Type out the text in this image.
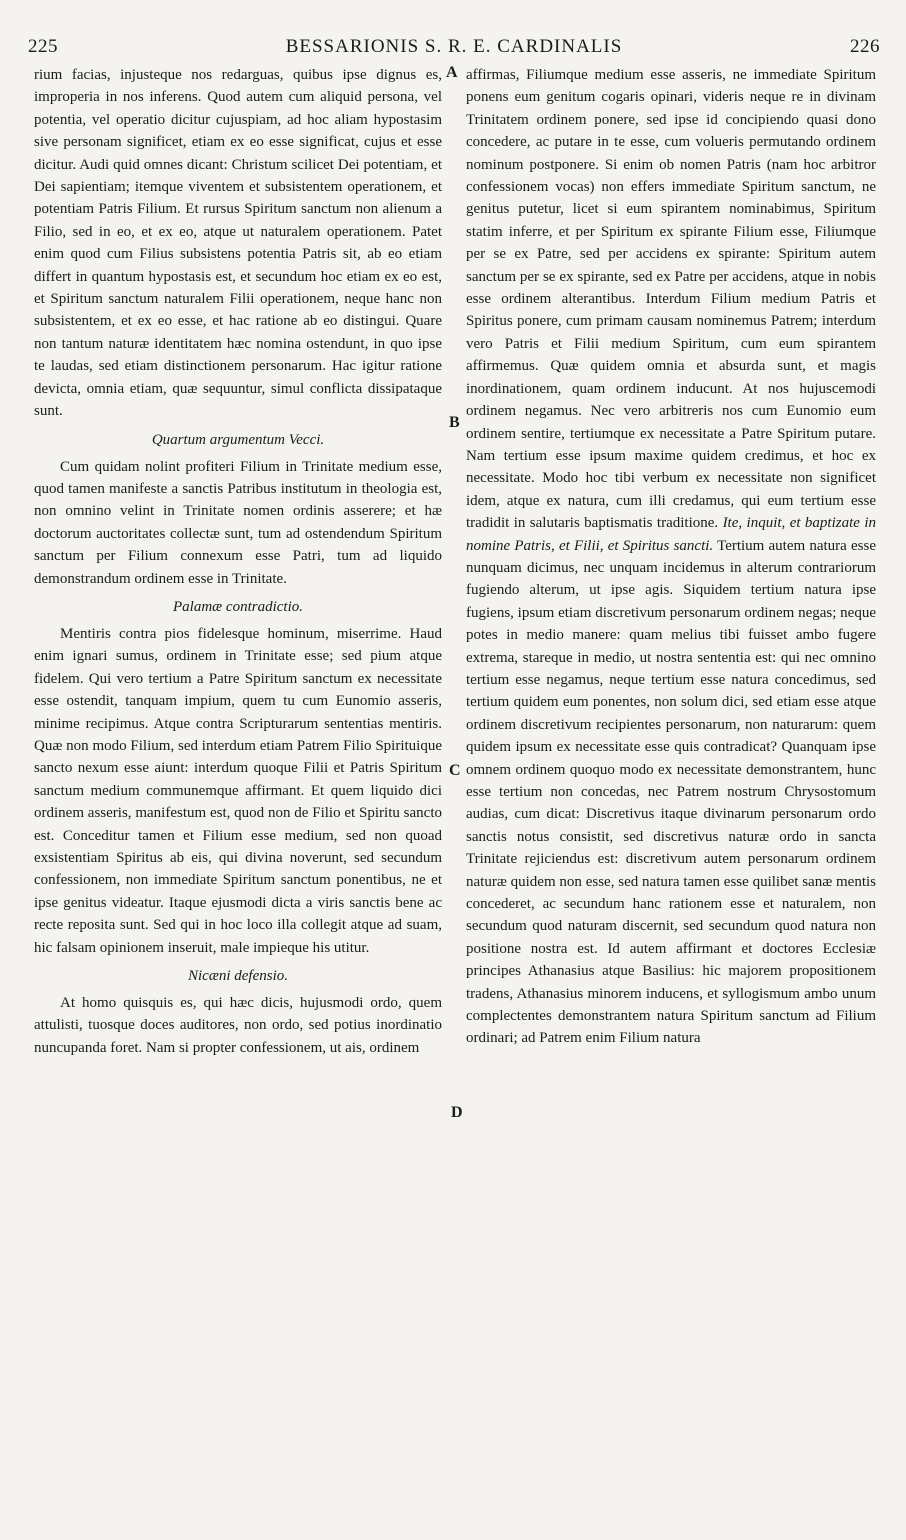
225	BESSARIONIS S. R. E. CARDINALIS	226

rium facias, injusteque nos redarguas, quibus ipse dignus es, improperia in nos inferens. Quod autem cum aliquid persona, vel potentia, vel operatio dicitur cujuspiam, ad hoc aliam hypostasim sive personam significet, etiam ex eo esse significat, cujus et esse dicitur. Audi quid omnes dicant: Christum scilicet Dei potentiam, et Dei sapientiam; itemque viventem et subsistentem operationem, et potentiam Patris Filium. Et rursus Spiritum sanctum non alienum a Filio, sed in eo, et ex eo, atque ut naturalem operationem. Patet enim quod cum Filius subsistens potentia Patris sit, ab eo etiam differt in quantum hypostasis est, et secundum hoc etiam ex eo est, et Spiritum sanctum naturalem Filii operationem, neque hanc non subsistentem, et ex eo esse, et hac ratione ab eo distingui. Quare non tantum naturæ identitatem hæc nomina ostendunt, in quo ipse te laudas, sed etiam distinctionem personarum. Hac igitur ratione devicta, omnia etiam, quæ sequuntur, simul conflicta dissipataque sunt.

Quartum argumentum Vecci.

Cum quidam nolint profiteri Filium in Trinitate medium esse, quod tamen manifeste a sanctis Patribus institutum in theologia est, non omnino velint in Trinitate nomen ordinis asserere; et hæ doctorum auctoritates collectæ sunt, tum ad ostendendum Spiritum sanctum per Filium connexum esse Patri, tum ad liquido demonstrandum ordinem esse in Trinitate.

Palamæ contradictio.

Mentiris contra pios fidelesque hominum, miserrime. Haud enim ignari sumus, ordinem in Trinitate esse; sed pium atque fidelem. Qui vero tertium a Patre Spiritum sanctum ex necessitate esse ostendit, tanquam impium, quem tu cum Eunomio asseris, minime recipimus. Atque contra Scripturarum sententias mentiris. Quæ non modo Filium, sed interdum etiam Patrem Filio Spirituique sancto nexum esse aiunt: interdum quoque Filii et Patris Spiritum sanctum medium communemque affirmant. Et quem liquido dici ordinem asseris, manifestum est, quod non de Filio et Spiritu sancto est. Conceditur tamen et Filium esse medium, sed non quoad exsistentiam Spiritus ab eis, qui divina noverunt, sed secundum confessionem, non immediate Spiritum sanctum ponentibus, ne et ipse genitus videatur. Itaque ejusmodi dicta a viris sanctis bene ac recte reposita sunt. Sed qui in hoc loco illa collegit atque ad suam, hic falsam opinionem inseruit, male impieque his utitur.

Nicæni defensio.

At homo quisquis es, qui hæc dicis, hujusmodi ordo, quem attulisti, tuosque doces auditores, non ordo, sed potius inordinatio nuncupanda foret. Nam si propter confessionem, ut ais, ordinem

A
B
C
D

affirmas, Filiumque medium esse asseris, ne immediate Spiritum ponens eum genitum cogaris opinari, videris neque re in divinam Trinitatem ordinem ponere, sed ipse id concipiendo quasi dono concedere, ac putare in te esse, cum volueris permutando ordinem nominum postponere. Si enim ob nomen Patris (nam hoc arbitror confessionem vocas) non effers immediate Spiritum sanctum, ne genitus putetur, licet si eum spirantem nominabimus, Spiritum statim inferre, et per Spiritum ex spirante Filium esse, Filiumque per se ex Patre, sed per accidens ex spirante: Spiritum autem sanctum per se ex spirante, sed ex Patre per accidens, atque in nobis esse ordinem alterantibus. Interdum Filium medium Patris et Spiritus ponere, cum primam causam nominemus Patrem; interdum vero Patris et Filii medium Spiritum, cum eum spirantem affirmemus. Quæ quidem omnia et absurda sunt, et magis inordinationem, quam ordinem inducunt. At nos hujuscemodi ordinem negamus. Nec vero arbitreris nos cum Eunomio eum ordinem sentire, tertiumque ex necessitate a Patre Spiritum putare. Nam tertium esse ipsum maxime quidem credimus, et hoc ex necessitate. Modo hoc tibi verbum ex necessitate non significet idem, atque ex natura, cum illi credamus, qui eum tertium esse tradidit in salutaris baptismatis traditione. Ite, inquit, et baptizate in nomine Patris, et Filii, et Spiritus sancti. Tertium autem natura esse nunquam dicimus, nec unquam incidemus in alterum contrariorum fugiendo alterum, ut ipse agis. Siquidem tertium natura ipse fugiens, ipsum etiam discretivum personarum ordinem negas; neque potes in medio manere: quam melius tibi fuisset ambo fugere extrema, stareque in medio, ut nostra sententia est: qui nec omnino tertium esse negamus, neque tertium esse natura concedimus, sed tertium quidem eum ponentes, non solum dici, sed etiam esse atque ordinem discretivum recipientes personarum, non naturarum: quem quidem ipsum ex necessitate esse quis contradicat? Quanquam ipse omnem ordinem quoquo modo ex necessitate demonstrantem, hunc esse tertium non concedas, nec Patrem nostrum Chrysostomum audias, cum dicat: Discretivus itaque divinarum personarum ordo sanctis notus consistit, sed discretivus naturæ ordo in sancta Trinitate rejiciendus est: discretivum autem personarum ordinem naturæ quidem non esse, sed natura tamen esse quilibet sanæ mentis concederet, ac secundum hanc rationem esse et naturalem, non secundum quod naturam discernit, sed secundum quod natura non positione nostra est. Id autem affirmant et doctores Ecclesiæ principes Athanasius atque Basilius: hic majorem propositionem tradens, Athanasius minorem inducens, et syllogismum ambo unum complectentes demonstrantem natura Spiritum sanctum ad Filium ordinari; ad Patrem enim Filium natura
